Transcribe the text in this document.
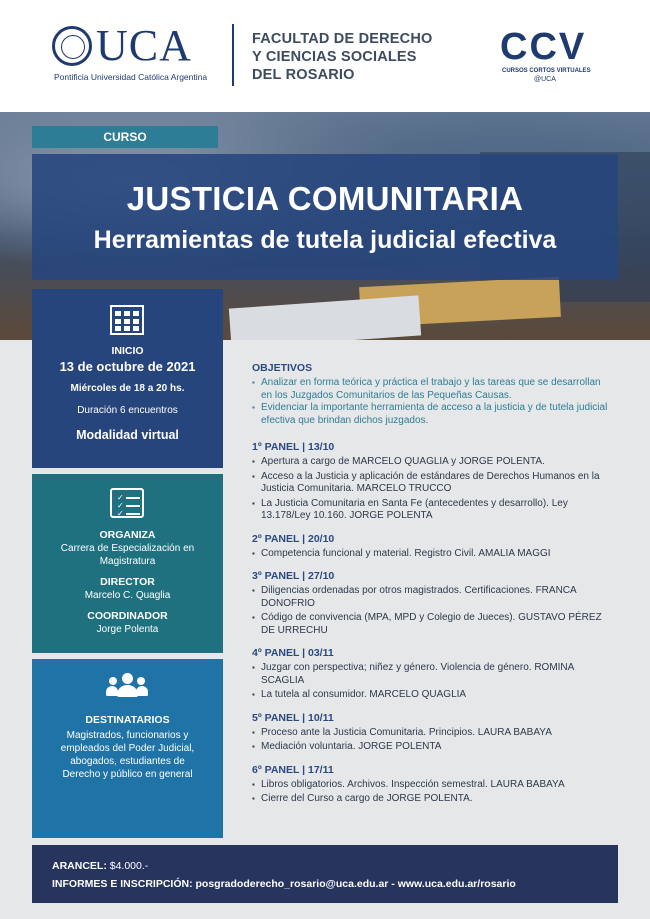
UCA
Pontificia Universidad Católica Argentina
FACULTAD DE DERECHO
Y CIENCIAS SOCIALES
DEL ROSARIO
CCV
CURSOS CORTOS VIRTUALES
@UCA
CURSO
JUSTICIA COMUNITARIA
Herramientas de tutela judicial efectiva
INICIO
13 de octubre de 2021
Miércoles de 18 a 20 hs.
Duración 6 encuentros
Modalidad virtual
✓
✓
✓
ORGANIZA
Carrera de Especialización en
Magistratura
DIRECTOR
Marcelo C. Quaglia
COORDINADOR
Jorge Polenta
DESTINATARIOS
Magistrados, funcionarios y
empleados del Poder Judicial,
abogados, estudiantes de
Derecho y público en general
OBJETIVOS
▪ Analizar en forma teórica y práctica el trabajo y las tareas que se desarrollan en los Juzgados Comunitarios de las Pequeñas Causas.
▪ Evidenciar la importante herramienta de acceso a la justicia y de tutela judicial efectiva que brindan dichos juzgados.
1º PANEL | 13/10
▪ Apertura a cargo de MARCELO QUAGLIA y JORGE POLENTA.
▪ Acceso a la Justicia y aplicación de estándares de Derechos Humanos en la Justicia Comunitaria. MARCELO TRUCCO
▪ La Justicia Comunitaria en Santa Fe (antecedentes y desarrollo). Ley 13.178/Ley 10.160. JORGE POLENTA
2º PANEL | 20/10
▪ Competencia funcional y material. Registro Civil. AMALIA MAGGI
3º PANEL | 27/10
▪ Diligencias ordenadas por otros magistrados. Certificaciones. FRANCA DONOFRIO
▪ Código de convivencia (MPA, MPD y Colegio de Jueces). GUSTAVO PÉREZ DE URRECHU
4º PANEL | 03/11
▪ Juzgar con perspectiva; niñez y género. Violencia de género. ROMINA SCAGLIA
▪ La tutela al consumidor. MARCELO QUAGLIA
5º PANEL | 10/11
▪ Proceso ante la Justicia Comunitaria. Principios. LAURA BABAYA
▪ Mediación voluntaria. JORGE POLENTA
6º PANEL | 17/11
▪ Libros obligatorios. Archivos. Inspección semestral. LAURA BABAYA
▪ Cierre del Curso a cargo de JORGE POLENTA.
ARANCEL: $4.000.-
INFORMES E INSCRIPCIÓN: posgradoderecho_rosario@uca.edu.ar - www.uca.edu.ar/rosario
